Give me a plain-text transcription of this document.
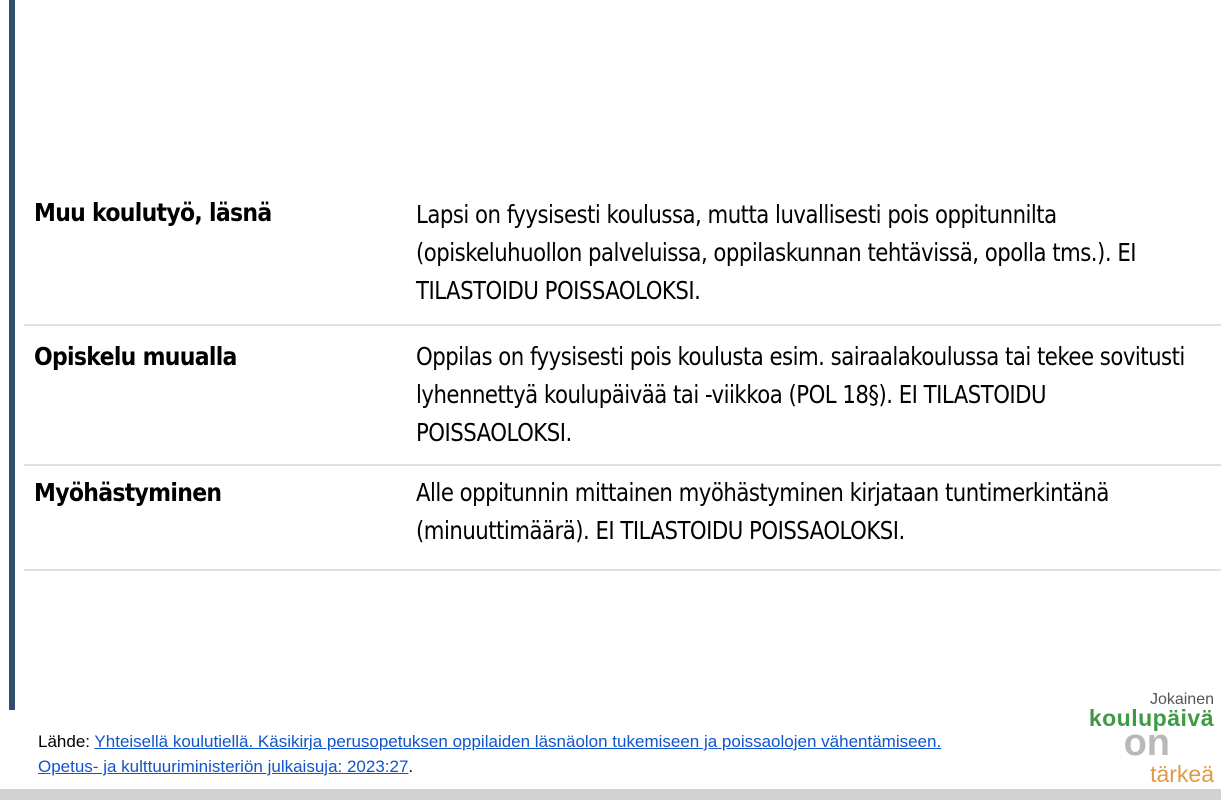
Muu koulutyö, läsnä	Lapsi on fyysisesti koulussa, mutta luvallisesti pois oppitunnilta (opiskeluhuollon palveluissa, oppilaskunnan tehtävissä, opolla tms.). EI TILASTOIDU POISSAOLOKSI.
Opiskelu muualla	Oppilas on fyysisesti pois koulusta esim. sairaalakoulussa tai tekee sovitusti lyhennettyä koulupäivää tai -viikkoa (POL 18§). EI TILASTOIDU POISSAOLOKSI.
Myöhästyminen	Alle oppitunnin mittainen myöhästyminen kirjataan tuntimerkintänä (minuuttimäärä). EI TILASTOIDU POISSAOLOKSI.
Lähde: Yhteisellä koulutiellä. Käsikirja perusopetuksen oppilaiden läsnäolon tukemiseen ja poissaolojen vähentämiseen. Opetus- ja kulttuuriministeriön julkaisuja: 2023:27.
Jokainen
koulupäivä
on
tärkeä
